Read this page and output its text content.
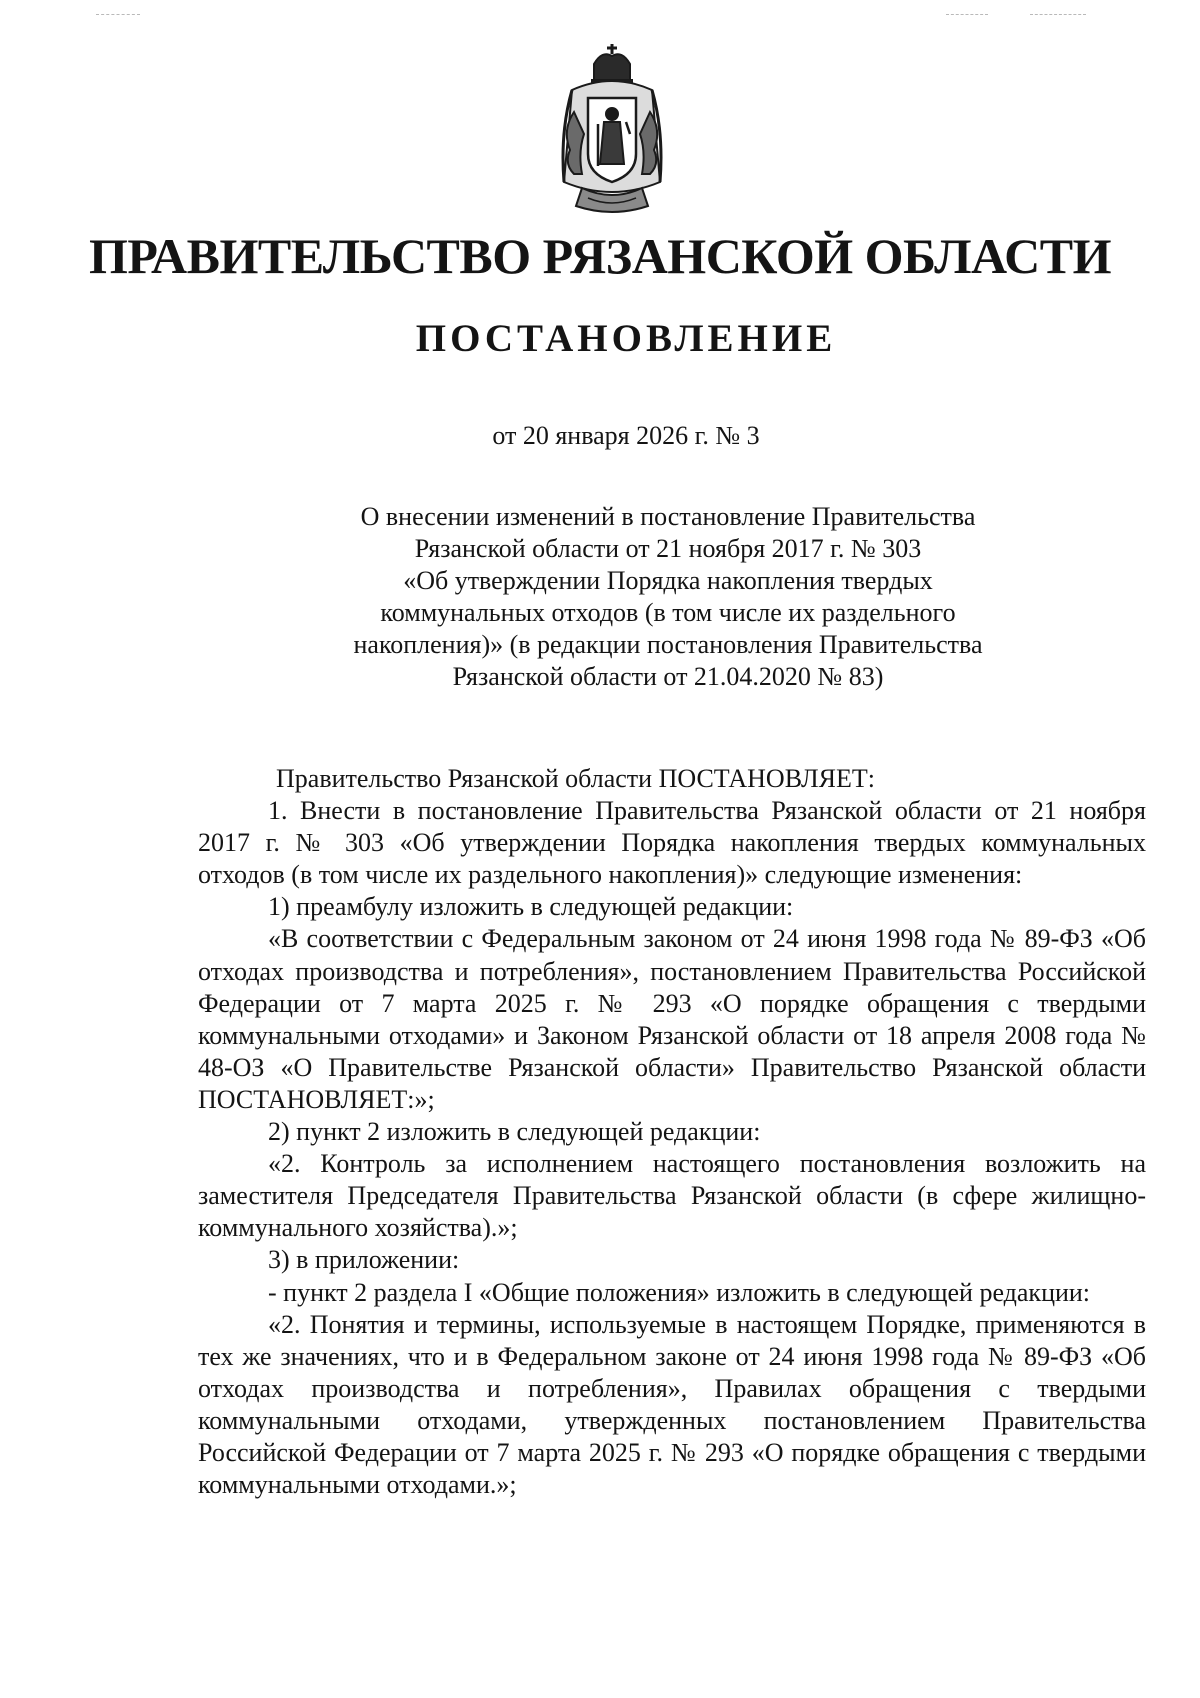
ПРАВИТЕЛЬСТВО РЯЗАНСКОЙ ОБЛАСТИ
ПОСТАНОВЛЕНИЕ
от 20 января 2026 г. № 3
О внесении изменений в постановление Правительства
Рязанской области от 21 ноября 2017 г. № 303
«Об утверждении Порядка накопления твердых
коммунальных отходов (в том числе их раздельного
накопления)» (в редакции постановления Правительства
Рязанской области от 21.04.2020 № 83)

Правительство Рязанской области ПОСТАНОВЛЯЕТ:

1. Внести в постановление Правительства Рязанской области от 21 ноября 2017 г. № 303 «Об утверждении Порядка накопления твердых коммунальных отходов (в том числе их раздельного накопления)» следующие изменения:

1) преамбулу изложить в следующей редакции:

«В соответствии с Федеральным законом от 24 июня 1998 года № 89-ФЗ «Об отходах производства и потребления», постановлением Правительства Российской Федерации от 7 марта 2025 г. № 293 «О порядке обращения с твердыми коммунальными отходами» и Законом Рязанской области от 18 апреля 2008 года № 48-ОЗ «О Правительстве Рязанской области» Правительство Рязанской области ПОСТАНОВЛЯЕТ:»;

2) пункт 2 изложить в следующей редакции:

«2. Контроль за исполнением настоящего постановления возложить на заместителя Председателя Правительства Рязанской области (в сфере жилищно-коммунального хозяйства).»;

3) в приложении:

- пункт 2 раздела I «Общие положения» изложить в следующей редакции:

«2. Понятия и термины, используемые в настоящем Порядке, применяются в тех же значениях, что и в Федеральном законе от 24 июня 1998 года № 89-ФЗ «Об отходах производства и потребления», Правилах обращения с твердыми коммунальными отходами, утвержденных постановлением Правительства Российской Федерации от 7 марта 2025 г. № 293 «О порядке обращения с твердыми коммунальными отходами.»;
